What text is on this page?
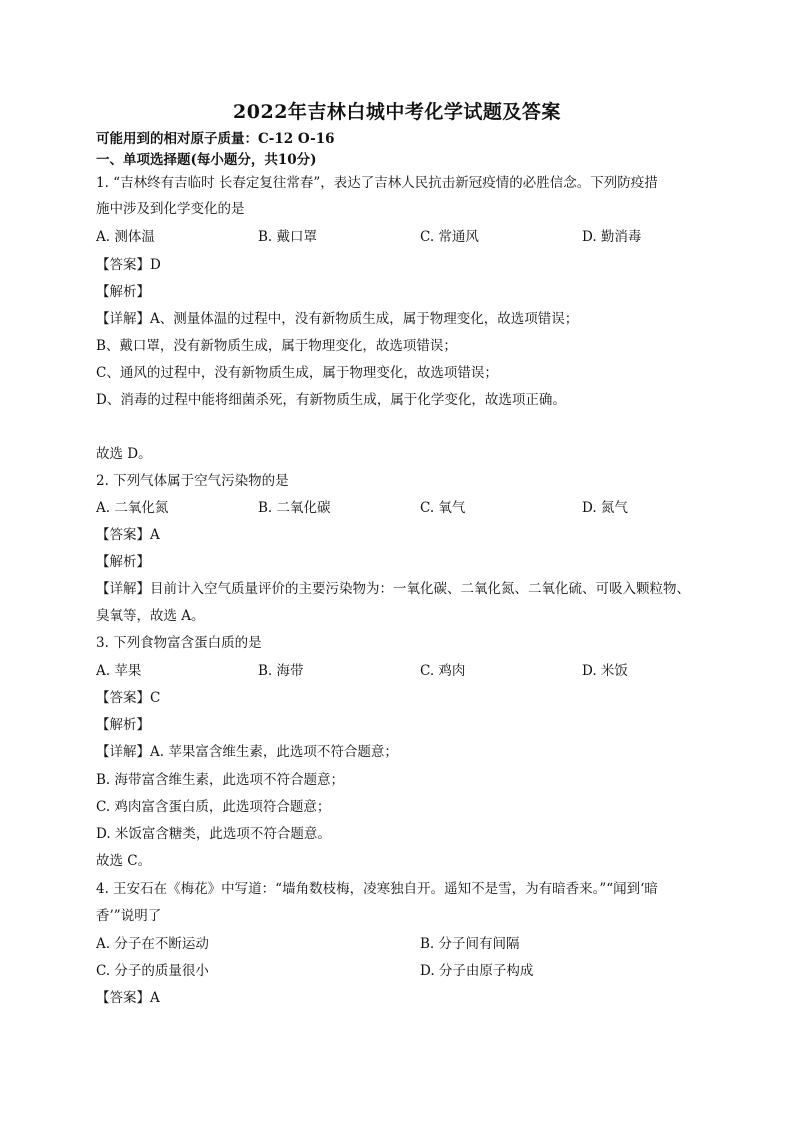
2022年吉林白城中考化学试题及答案
可能用到的相对原子质量：C-12 O-16
一、单项选择题(每小题分，共10分)
1. “吉林终有吉临时 长春定复往常春”，表达了吉林人民抗击新冠疫情的必胜信念。下列防疫措
施中涉及到化学变化的是
A. 测体温	B. 戴口罩	C. 常通风	D. 勤消毒
【答案】D
【解析】
【详解】A、测量体温的过程中，没有新物质生成，属于物理变化，故选项错误；
B、戴口罩，没有新物质生成，属于物理变化，故选项错误；
C、通风的过程中，没有新物质生成，属于物理变化，故选项错误；
D、消毒的过程中能将细菌杀死，有新物质生成，属于化学变化，故选项正确。
故选 D。
2. 下列气体属于空气污染物的是
A. 二氧化氮	B. 二氧化碳	C. 氧气	D. 氮气
【答案】A
【解析】
【详解】目前计入空气质量评价的主要污染物为：一氧化碳、二氧化氮、二氧化硫、可吸入颗粒物、
臭氧等，故选 A。
3. 下列食物富含蛋白质的是
A. 苹果	B. 海带	C. 鸡肉	D. 米饭
【答案】C
【解析】
【详解】A. 苹果富含维生素，此选项不符合题意；
B. 海带富含维生素，此选项不符合题意；
C. 鸡肉富含蛋白质，此选项符合题意；
D. 米饭富含糖类，此选项不符合题意。
故选 C。
4. 王安石在《梅花》中写道：“墙角数枝梅，凌寒独自开。遥知不是雪，为有暗香来。”“闻到‘暗
香’”说明了
A. 分子在不断运动	B. 分子间有间隔
C. 分子的质量很小	D. 分子由原子构成
【答案】A
